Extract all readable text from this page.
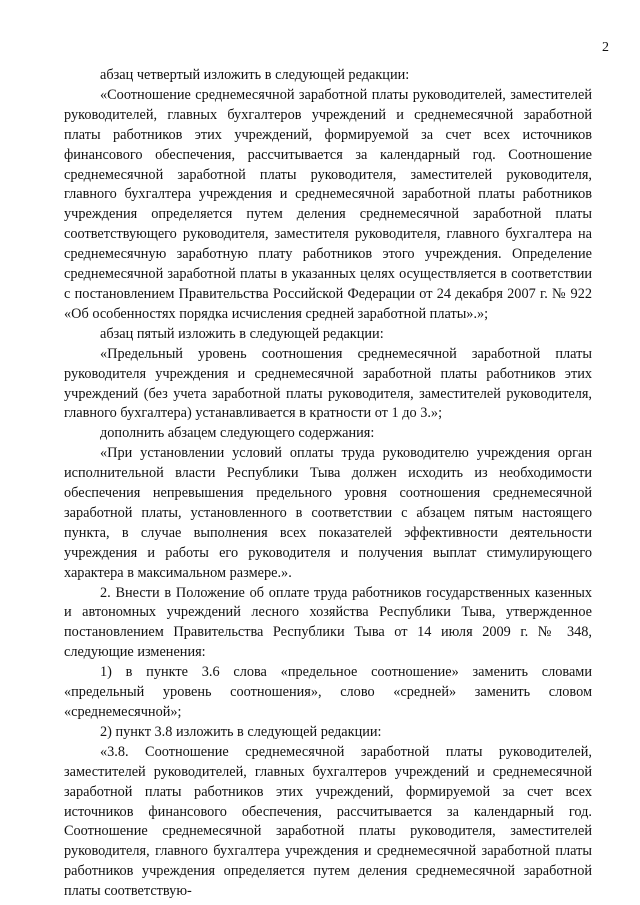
2

абзац четвертый изложить в следующей редакции:

«Соотношение среднемесячной заработной платы руководителей, заместителей руководителей, главных бухгалтеров учреждений и среднемесячной заработной платы работников этих учреждений, формируемой за счет всех источников финансового обеспечения, рассчитывается за календарный год. Соотношение среднемесячной заработной платы руководителя, заместителей руководителя, главного бухгалтера учреждения и среднемесячной заработной платы работников учреждения определяется путем деления среднемесячной заработной платы соответствующего руководителя, заместителя руководителя, главного бухгалтера на среднемесячную заработную плату работников этого учреждения. Определение среднемесячной заработной платы в указанных целях осуществляется в соответствии с постановлением Правительства Российской Федерации от 24 декабря 2007 г. № 922 «Об особенностях порядка исчисления средней заработной платы».»;

абзац пятый изложить в следующей редакции:

«Предельный уровень соотношения среднемесячной заработной платы руководителя учреждения и среднемесячной заработной платы работников этих учреждений (без учета заработной платы руководителя, заместителей руководителя, главного бухгалтера) устанавливается в кратности от 1 до 3.»;

дополнить абзацем следующего содержания:

«При установлении условий оплаты труда руководителю учреждения орган исполнительной власти Республики Тыва должен исходить из необходимости обеспечения непревышения предельного уровня соотношения среднемесячной заработной платы, установленного в соответствии с абзацем пятым настоящего пункта, в случае выполнения всех показателей эффективности деятельности учреждения и работы его руководителя и получения выплат стимулирующего характера в максимальном размере.».

2. Внести в Положение об оплате труда работников государственных казенных и автономных учреждений лесного хозяйства Республики Тыва, утвержденное постановлением Правительства Республики Тыва от 14 июля 2009 г. № 348, следующие изменения:

1) в пункте 3.6 слова «предельное соотношение» заменить словами «предельный уровень соотношения», слово «средней» заменить словом «среднемесячной»;

2) пункт 3.8 изложить в следующей редакции:

«3.8. Соотношение среднемесячной заработной платы руководителей, заместителей руководителей, главных бухгалтеров учреждений и среднемесячной заработной платы работников этих учреждений, формируемой за счет всех источников финансового обеспечения, рассчитывается за календарный год. Соотношение среднемесячной заработной платы руководителя, заместителей руководителя, главного бухгалтера учреждения и среднемесячной заработной платы работников учреждения определяется путем деления среднемесячной заработной платы соответствую-
